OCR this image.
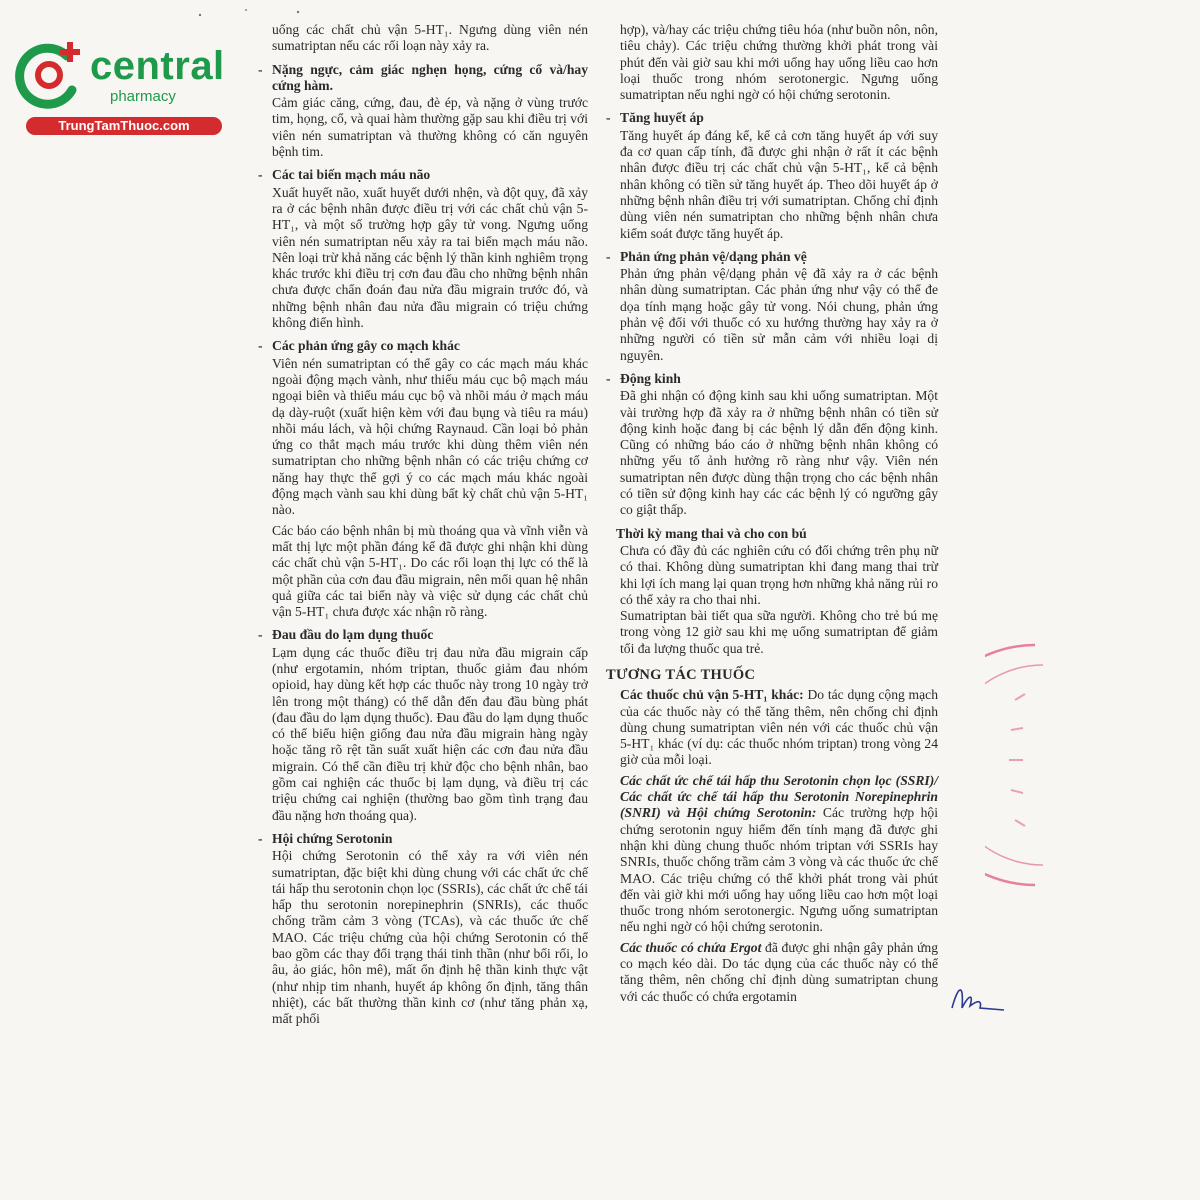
central
pharmacy
TrungTamThuoc.com

uống các chất chủ vận 5-HT₁. Ngưng dùng viên nén sumatriptan nếu các rối loạn này xảy ra.

- Nặng ngực, cảm giác nghẹn họng, cứng cổ và/hay cứng hàm.

Cảm giác căng, cứng, đau, đè ép, và nặng ở vùng trước tim, họng, cổ, và quai hàm thường gặp sau khi điều trị với viên nén sumatriptan và thường không có căn nguyên bệnh tim.

- Các tai biến mạch máu não

Xuất huyết não, xuất huyết dưới nhện, và đột quỵ, đã xảy ra ở các bệnh nhân được điều trị với các chất chủ vận 5-HT₁, và một số trường hợp gây tử vong. Ngưng uống viên nén sumatriptan nếu xảy ra tai biến mạch máu não. Nên loại trừ khả năng các bệnh lý thần kinh nghiêm trọng khác trước khi điều trị cơn đau đầu cho những bệnh nhân chưa được chẩn đoán đau nửa đầu migrain trước đó, và những bệnh nhân đau nửa đầu migrain có triệu chứng không điển hình.

- Các phản ứng gây co mạch khác

Viên nén sumatriptan có thể gây co các mạch máu khác ngoài động mạch vành, như thiếu máu cục bộ mạch máu ngoại biên và thiếu máu cục bộ và nhồi máu ở mạch máu dạ dày-ruột (xuất hiện kèm với đau bụng và tiêu ra máu) nhồi máu lách, và hội chứng Raynaud. Cần loại bỏ phản ứng co thắt mạch máu trước khi dùng thêm viên nén sumatriptan cho những bệnh nhân có các triệu chứng cơ năng hay thực thể gợi ý co các mạch máu khác ngoài động mạch vành sau khi dùng bất kỳ chất chủ vận 5-HT₁ nào.

Các báo cáo bệnh nhân bị mù thoáng qua và vĩnh viễn và mất thị lực một phần đáng kể đã được ghi nhận khi dùng các chất chủ vận 5-HT₁. Do các rối loạn thị lực có thể là một phần của cơn đau đầu migrain, nên mối quan hệ nhân quả giữa các tai biến này và việc sử dụng các chất chủ vận 5-HT₁ chưa được xác nhận rõ ràng.

- Đau đầu do lạm dụng thuốc

Lạm dụng các thuốc điều trị đau nửa đầu migrain cấp (như ergotamin, nhóm triptan, thuốc giảm đau nhóm opioid, hay dùng kết hợp các thuốc này trong 10 ngày trở lên trong một tháng) có thể dẫn đến đau đầu bùng phát (đau đầu do lạm dụng thuốc). Đau đầu do lạm dụng thuốc có thể biểu hiện giống đau nửa đầu migrain hàng ngày hoặc tăng rõ rệt tần suất xuất hiện các cơn đau nửa đầu migrain. Có thể cần điều trị khử độc cho bệnh nhân, bao gồm cai nghiện các thuốc bị lạm dụng, và điều trị các triệu chứng cai nghiện (thường bao gồm tình trạng đau đầu nặng hơn thoáng qua).

- Hội chứng Serotonin

Hội chứng Serotonin có thể xảy ra với viên nén sumatriptan, đặc biệt khi dùng chung với các chất ức chế tái hấp thu serotonin chọn lọc (SSRIs), các chất ức chế tái hấp thu serotonin norepinephrin (SNRIs), các thuốc chống trầm cảm 3 vòng (TCAs), và các thuốc ức chế MAO. Các triệu chứng của hội chứng Serotonin có thể bao gồm các thay đổi trạng thái tinh thần (như bối rối, lo âu, ảo giác, hôn mê), mất ổn định hệ thần kinh thực vật (như nhịp tim nhanh, huyết áp không ổn định, tăng thân nhiệt), các bất thường thần kinh cơ (như tăng phản xạ, mất phối

hợp), và/hay các triệu chứng tiêu hóa (như buồn nôn, nôn, tiêu chảy). Các triệu chứng thường khởi phát trong vài phút đến vài giờ sau khi mới uống hay uống liều cao hơn loại thuốc trong nhóm serotonergic. Ngưng uống sumatriptan nếu nghi ngờ có hội chứng serotonin.

- Tăng huyết áp

Tăng huyết áp đáng kể, kể cả cơn tăng huyết áp với suy đa cơ quan cấp tính, đã được ghi nhận ở rất ít các bệnh nhân được điều trị các chất chủ vận 5-HT₁, kể cả bệnh nhân không có tiền sử tăng huyết áp. Theo dõi huyết áp ở những bệnh nhân điều trị với sumatriptan. Chống chỉ định dùng viên nén sumatriptan cho những bệnh nhân chưa kiểm soát được tăng huyết áp.

- Phản ứng phản vệ/dạng phản vệ

Phản ứng phản vệ/dạng phản vệ đã xảy ra ở các bệnh nhân dùng sumatriptan. Các phản ứng như vậy có thể đe dọa tính mạng hoặc gây tử vong. Nói chung, phản ứng phản vệ đối với thuốc có xu hướng thường hay xảy ra ở những người có tiền sử mẫn cảm với nhiều loại dị nguyên.

- Động kinh

Đã ghi nhận có động kinh sau khi uống sumatriptan. Một vài trường hợp đã xảy ra ở những bệnh nhân có tiền sử động kinh hoặc đang bị các bệnh lý dẫn đến động kinh. Cũng có những báo cáo ở những bệnh nhân không có những yếu tố ảnh hưởng rõ ràng như vậy. Viên nén sumatriptan nên được dùng thận trọng cho các bệnh nhân có tiền sử động kinh hay các các bệnh lý có ngưỡng gây co giật thấp.

Thời kỳ mang thai và cho con bú

Chưa có đầy đủ các nghiên cứu có đối chứng trên phụ nữ có thai. Không dùng sumatriptan khi đang mang thai trừ khi lợi ích mang lại quan trọng hơn những khả năng rủi ro có thể xảy ra cho thai nhi.

Sumatriptan bài tiết qua sữa người. Không cho trẻ bú mẹ trong vòng 12 giờ sau khi mẹ uống sumatriptan để giảm tối đa lượng thuốc qua trẻ.

TƯƠNG TÁC THUỐC

Các thuốc chủ vận 5-HT₁ khác: Do tác dụng cộng mạch của các thuốc này có thể tăng thêm, nên chống chỉ định dùng chung sumatriptan viên nén với các thuốc chủ vận 5-HT₁ khác (ví dụ: các thuốc nhóm triptan) trong vòng 24 giờ của mỗi loại.

Các chất ức chế tái hấp thu Serotonin chọn lọc (SSRI)/ Các chất ức chế tái hấp thu Serotonin Norepinephrin (SNRI) và Hội chứng Serotonin: Các trường hợp hội chứng serotonin nguy hiểm đến tính mạng đã được ghi nhận khi dùng chung thuốc nhóm triptan với SSRIs hay SNRIs, thuốc chống trầm cảm 3 vòng và các thuốc ức chế MAO. Các triệu chứng có thể khởi phát trong vài phút đến vài giờ khi mới uống hay uống liều cao hơn một loại thuốc trong nhóm serotonergic. Ngưng uống sumatriptan nếu nghi ngờ có hội chứng serotonin.

Các thuốc có chứa Ergot đã được ghi nhận gây phản ứng co mạch kéo dài. Do tác dụng của các thuốc này có thể tăng thêm, nên chống chỉ định dùng sumatriptan chung với các thuốc có chứa ergotamin
